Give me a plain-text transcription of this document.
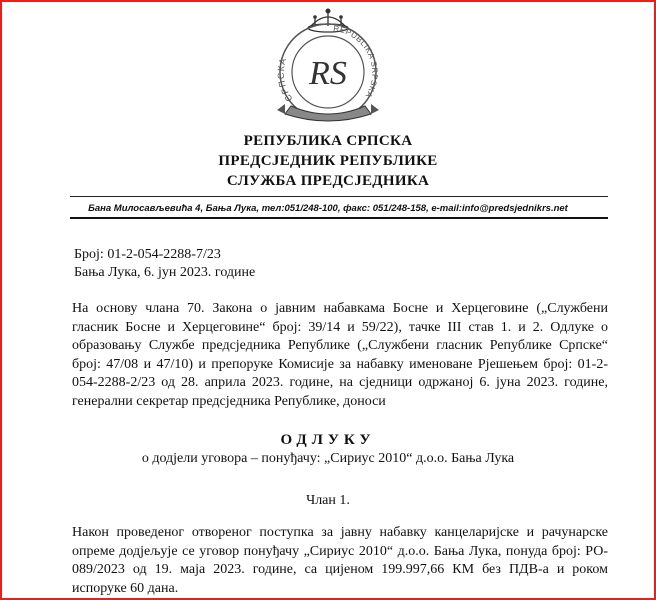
СРПСКА
REPUBLIKA SRPSKA
RS
РЕПУБЛИКА СРПСКА
ПРЕДСЈЕДНИК РЕПУБЛИКЕ
СЛУЖБА ПРЕДСЈЕДНИКА
Бана Милосављевића 4, Бања Лука, тел:051/248-100, факс: 051/248-158, e-mail:info@predsjednikrs.net
Број: 01-2-054-2288-7/23
Бања Лука, 6. јун 2023. године
На основу члана 70. Закона о јавним набавкама Босне и Херцеговине („Службени
гласник Босне и Херцеговине“ број: 39/14 и 59/22), тачке III став 1. и 2. Одлуке о
образовању Службе предсједника Републике („Службени гласник Републике Српске“
број: 47/08 и 47/10) и препоруке Комисије за набавку именоване Рјешењем број: 01-2-
054-2288-2/23 од 28. априла 2023. године, на сједници одржаној 6. јуна 2023. године,
генерални секретар предсједника Републике, доноси
ОДЛУКУ
о додјели уговора – понуђачу: „Сириус 2010“ д.о.о. Бања Лука
Члан 1.
Након проведеног отвореног поступка за јавну набавку канцеларијске и рачунарске
опреме додјељује се уговор понуђачу „Сириус 2010“ д.о.о. Бања Лука, понуда број: РО-
089/2023 од 19. маја 2023. године, са цијеном 199.997,66 КМ без ПДВ-а и роком
испоруке 60 дана.
